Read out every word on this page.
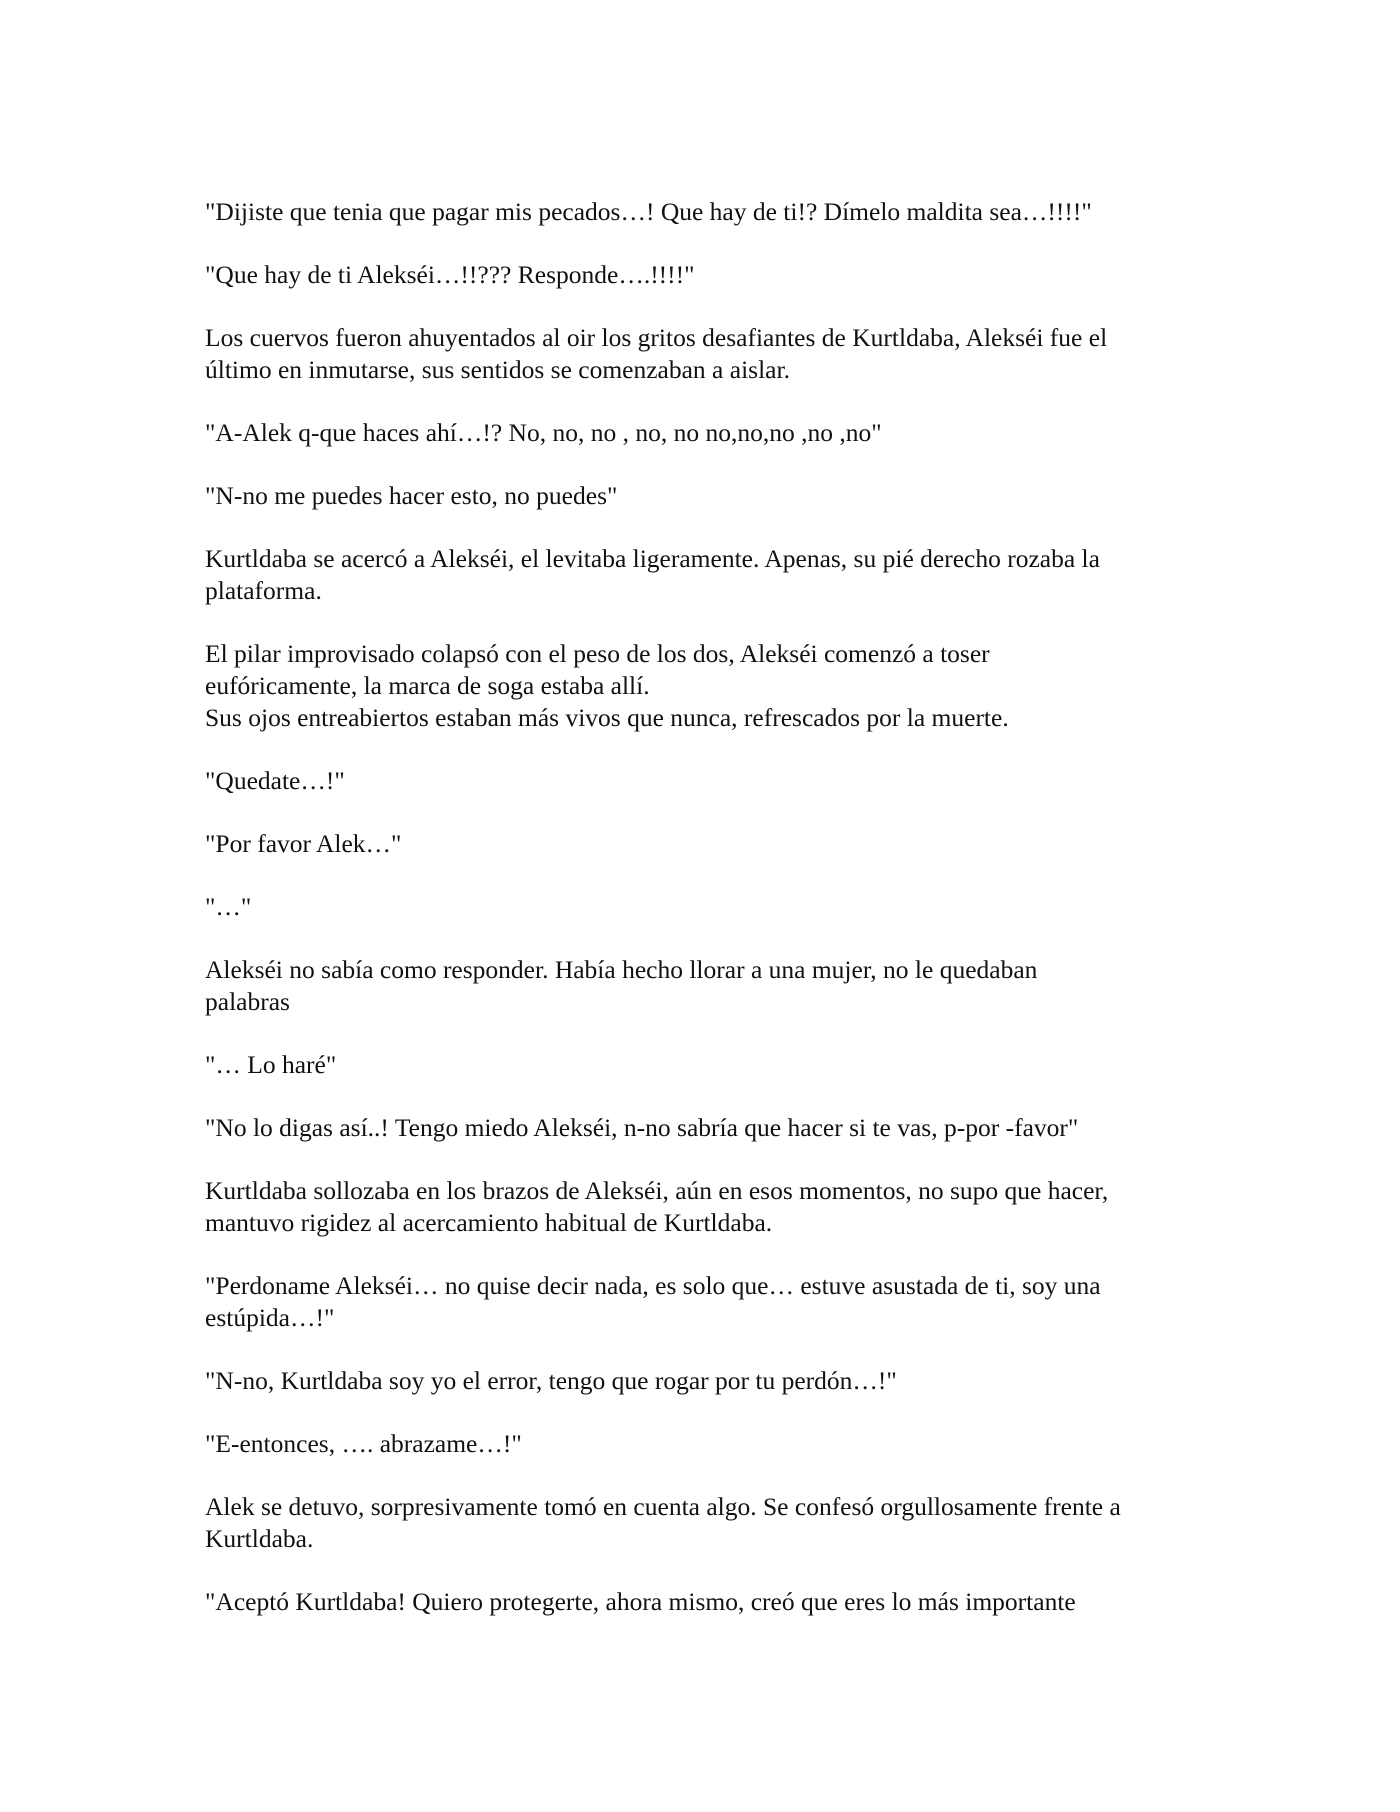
"Dijiste que tenia que pagar mis pecados…! Que hay de ti!? Dímelo maldita sea…!!!!"

"Que hay de ti Alekséi…!!??? Responde….!!!!"

Los cuervos fueron ahuyentados al oir los gritos desafiantes de Kurtldaba, Alekséi fue el
último en inmutarse, sus sentidos se comenzaban a aislar.

"A-Alek q-que haces ahí…!? No, no, no , no, no no,no,no ,no ,no"

"N-no me puedes hacer esto, no puedes"

Kurtldaba se acercó a Alekséi, el levitaba ligeramente. Apenas, su pié derecho rozaba la
plataforma.

El pilar improvisado colapsó con el peso de los dos, Alekséi comenzó a toser
eufóricamente, la marca de soga estaba allí.
Sus ojos entreabiertos estaban más vivos que nunca, refrescados por la muerte.

"Quedate…!"

"Por favor Alek…"

"…"

Alekséi no sabía como responder. Había hecho llorar a una mujer, no le quedaban
palabras

"… Lo haré"

"No lo digas así..! Tengo miedo Alekséi, n-no sabría que hacer si te vas, p-por -favor"

Kurtldaba sollozaba en los brazos de Alekséi, aún en esos momentos, no supo que hacer,
mantuvo rigidez al acercamiento habitual de Kurtldaba.

"Perdoname Alekséi… no quise decir nada, es solo que… estuve asustada de ti, soy una
estúpida…!"

"N-no, Kurtldaba soy yo el error, tengo que rogar por tu perdón…!"

"E-entonces, …. abrazame…!"

Alek se detuvo, sorpresivamente tomó en cuenta algo. Se confesó orgullosamente frente a
Kurtldaba.

"Aceptó Kurtldaba! Quiero protegerte, ahora mismo, creó que eres lo más importante
